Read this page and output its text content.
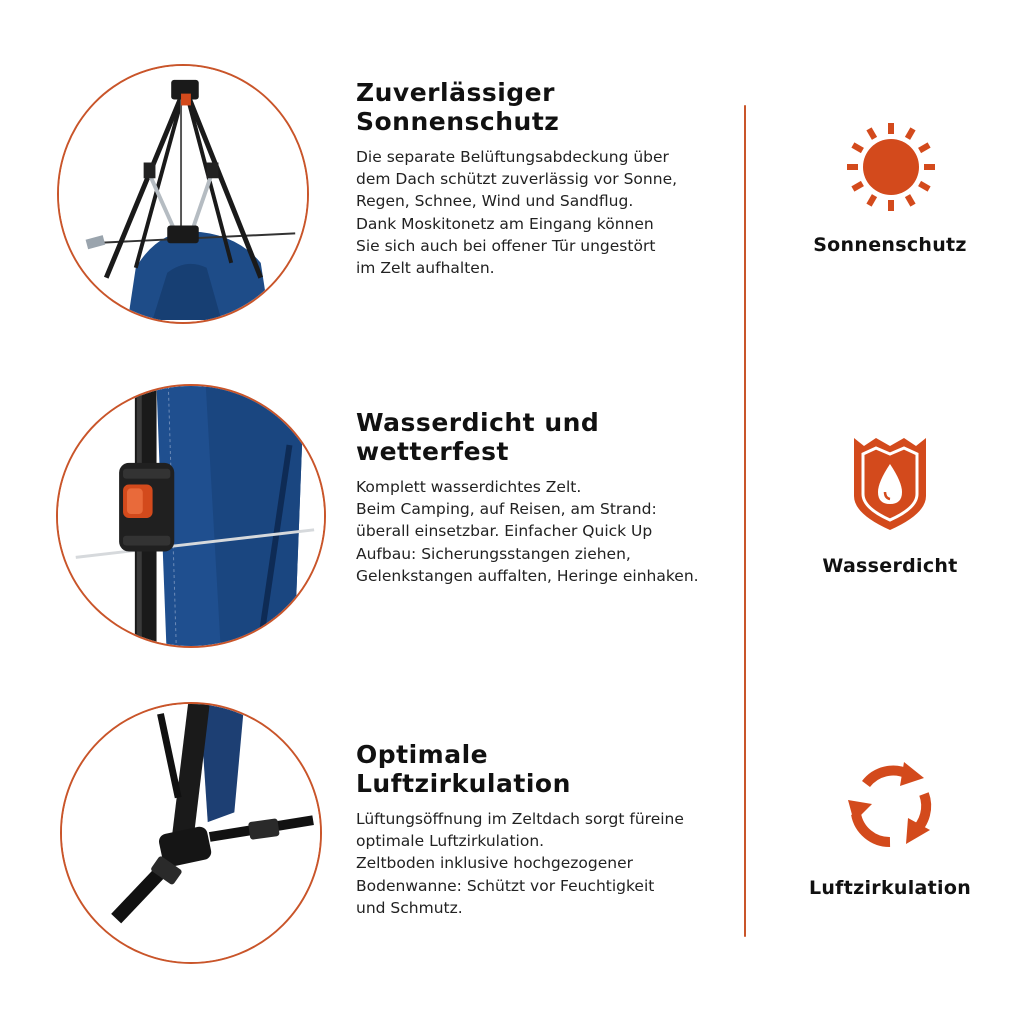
Zuverlässiger
Sonnenschutz

Die separate Belüftungsabdeckung über
dem Dach schützt zuverlässig vor Sonne,
Regen, Schnee, Wind und Sandflug.
Dank Moskitonetz am Eingang können
Sie sich auch bei offener Tür ungestört
im Zelt aufhalten.

Wasserdicht und
wetterfest

Komplett wasserdichtes Zelt.
Beim Camping, auf Reisen, am Strand:
überall einsetzbar. Einfacher Quick Up
Aufbau: Sicherungsstangen ziehen,
Gelenkstangen auffalten, Heringe einhaken.

Optimale
Luftzirkulation

Lüftungsöffnung im Zeltdach sorgt füreine
optimale Luftzirkulation.
Zeltboden inklusive hochgezogener
Bodenwanne: Schützt vor Feuchtigkeit
und Schmutz.

Sonnenschutz
Wasserdicht
Luftzirkulation
